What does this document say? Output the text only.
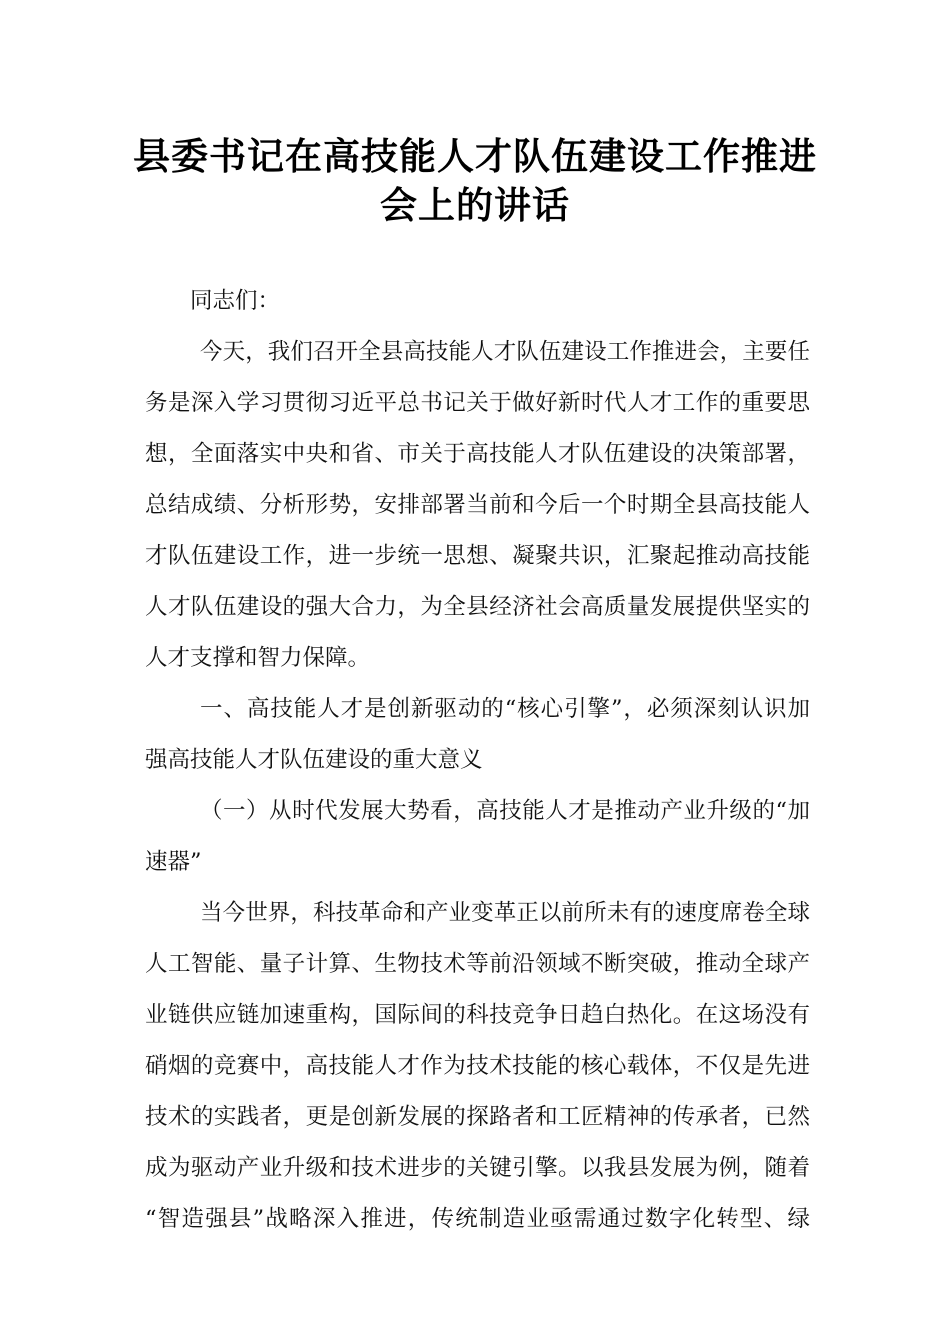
县委书记在高技能人才队伍建设工作推进
会上的讲话
同志们：
今天，我们召开全县高技能人才队伍建设工作推进会，主要任
务是深入学习贯彻习近平总书记关于做好新时代人才工作的重要思
想，全面落实中央和省、市关于高技能人才队伍建设的决策部署，
总结成绩、分析形势，安排部署当前和今后一个时期全县高技能人
才队伍建设工作，进一步统一思想、凝聚共识，汇聚起推动高技能
人才队伍建设的强大合力，为全县经济社会高质量发展提供坚实的
人才支撑和智力保障。
一、高技能人才是创新驱动的“核心引擎”，必须深刻认识加
强高技能人才队伍建设的重大意义
（一）从时代发展大势看，高技能人才是推动产业升级的“加
速器”
当今世界，科技革命和产业变革正以前所未有的速度席卷全球
人工智能、量子计算、生物技术等前沿领域不断突破，推动全球产
业链供应链加速重构，国际间的科技竞争日趋白热化。在这场没有
硝烟的竞赛中，高技能人才作为技术技能的核心载体，不仅是先进
技术的实践者，更是创新发展的探路者和工匠精神的传承者，已然
成为驱动产业升级和技术进步的关键引擎。以我县发展为例，随着
“智造强县”战略深入推进，传统制造业亟需通过数字化转型、绿
